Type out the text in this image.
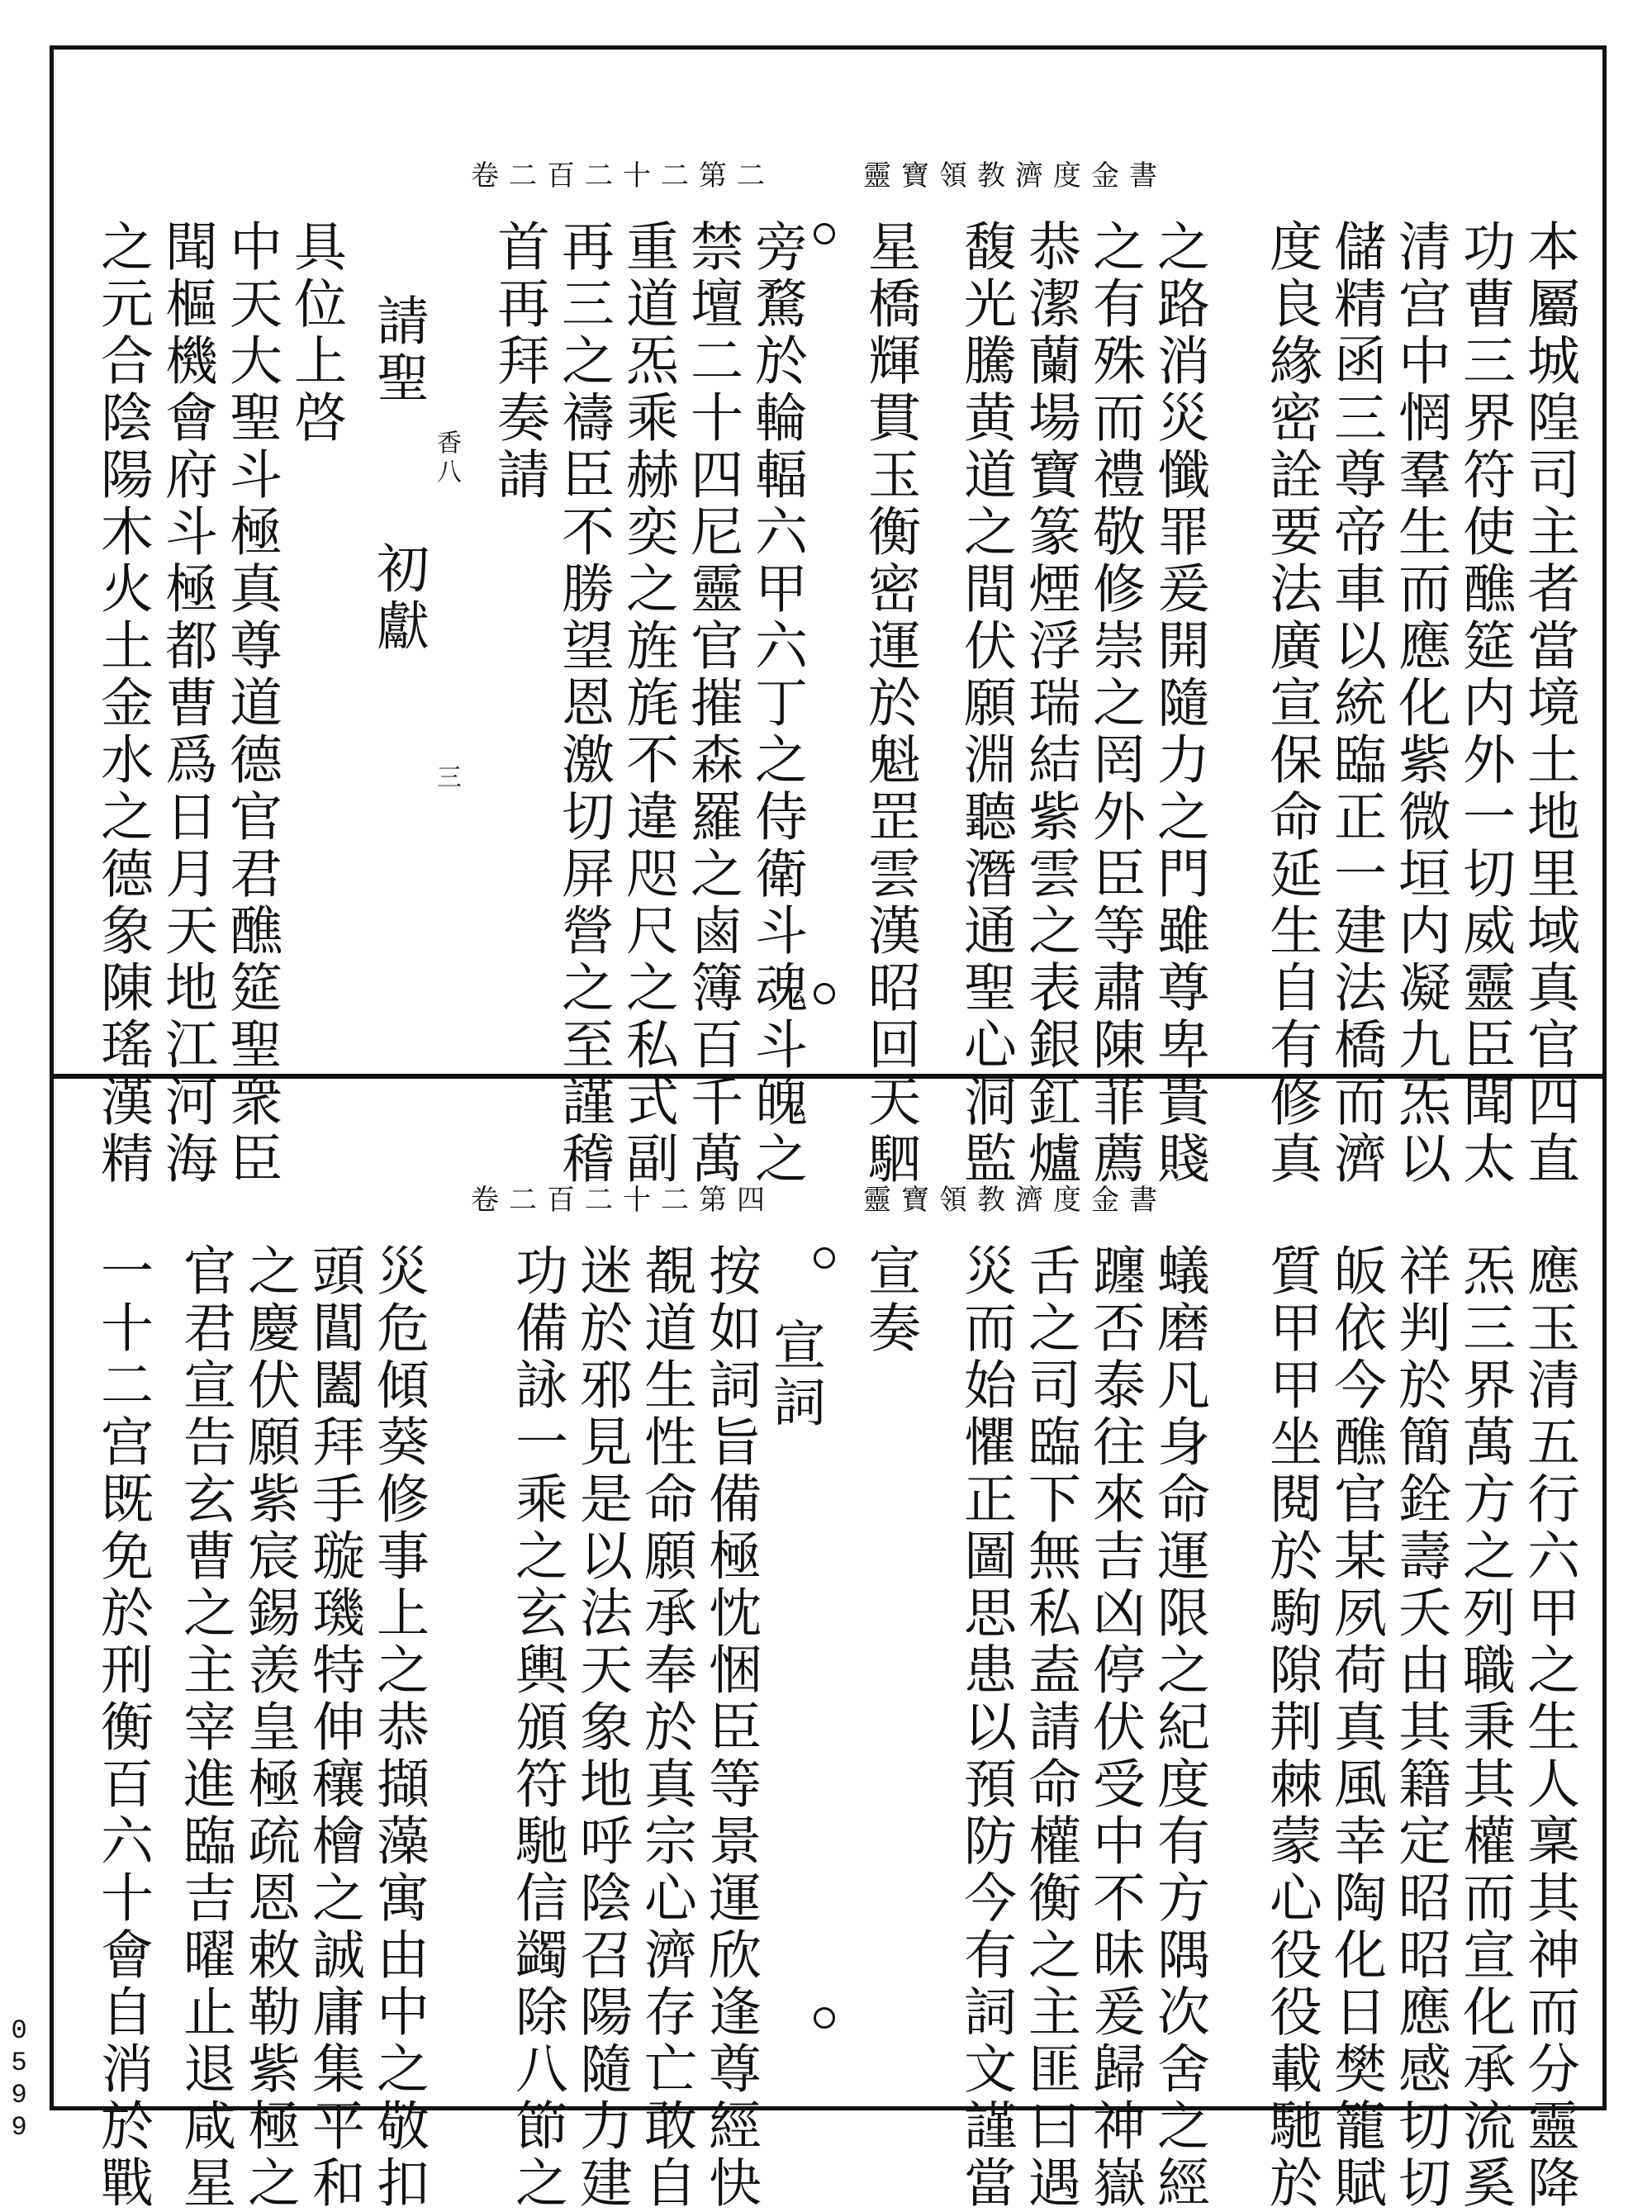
靈寶領教濟度金書
卷二百二十二第二
本屬城隍司主者當境土地里域真官四直
功曹三界符使醮筵内外一切威靈臣聞太
清宫中惘羣生而應化紫微垣内凝九炁以
儲精函三尊帝車以統臨正一建法橋而濟
度良緣密詮要法廣宣保命延生自有修真
之路消災懺罪爰開隨力之門雖尊卑貴賤
之有殊而禮敬修崇之罔外臣等肅陳菲薦
恭潔蘭場寶篆煙浮瑞結紫雲之表銀釭爐
馥光騰黄道之間伏願淵聽潛通聖心洞監
星橋輝貫玉衡密運於魁罡雲漢昭回天駟
旁騖於輪輻六甲六丁之侍衛斗魂斗魄之
禁壇二十四尼靈官摧森羅之鹵簿百千萬
重道炁乘赫奕之旌旄不違咫尺之私式副
再三之禱臣不勝望恩激切屏營之至謹稽
首再拜奏請
請聖
初獻
具位上啓
中天大聖斗極真尊道德官君醮筵聖衆臣
聞樞機會府斗極都曹爲日月天地江河海
之元合陰陽木火土金水之德象陳瑤漢精	香八
三
靈寶領教濟度金書
卷二百二十二第四
應玉清五行六甲之生人稟其神而分靈降
炁三界萬方之列職秉其權而宣化承流奚
祥判於簡銓壽夭由其籍定昭昭應感切切
皈依今醮官某夙荷真風幸陶化日樊籠賦
質甲甲坐閱於駒隙荆棘蒙心役役載馳於
蟻磨凡身命運限之紀度有方隅次舍之經
躔否泰往來吉凶停伏受中不昧爰歸神嶽
舌之司臨下無私盍請命權衡之主匪曰遇
災而始懼正圖思患以預防今有詞文謹當
宣奏
宣詞
按如詞旨備極忱悃臣等景運欣逢尊經快
覩道生性命願承奉於真宗心濟存亡敢自
迷於邪見是以法天象地呼陰召陽隨力建
功備詠一乘之玄輿頒符馳信蠲除八節之
災危傾葵修事上之恭擷藻寓由中之敬扣
頭閶闔拜手璇璣特伸穰檜之誠庸集平和
之慶伏願紫宸錫羡皇極疏恩敕勒紫極之
官君宣告玄曹之主宰進臨吉曜止退咸星
一十二宫既免於刑衡百六十會自消於戰
0599
